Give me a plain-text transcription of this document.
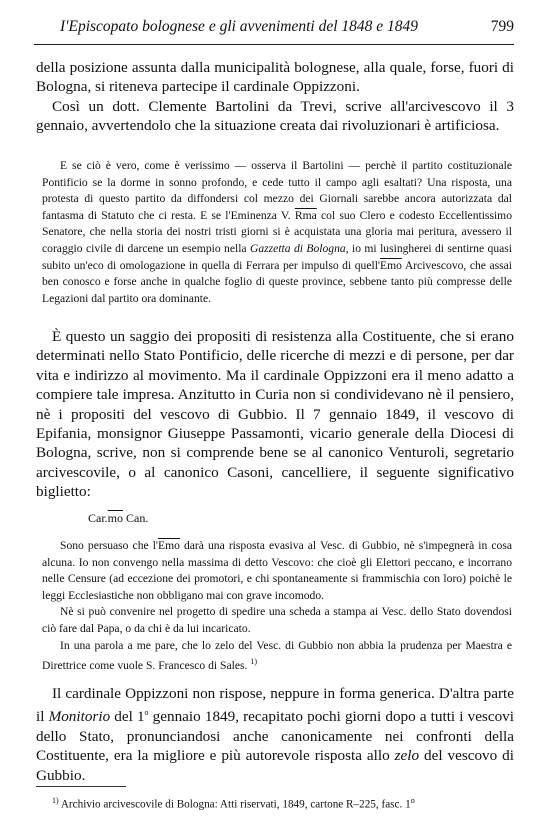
I'Episcopato bolognese e gli avvenimenti del 1848 e 1849	799

della posizione assunta dalla municipalità bolognese, alla quale, forse, fuori di Bologna, si riteneva partecipe il cardinale Oppizzoni.

Così un dott. Clemente Bartolini da Trevi, scrive all'arcivescovo il 3 gennaio, avvertendolo che la situazione creata dai rivoluzionari è artificiosa.

E se ciò è vero, come è verissimo — osserva il Bartolini — perchè il partito costituzionale Pontificio se la dorme in sonno profondo, e cede tutto il campo agli esaltati? Una risposta, una protesta di questo partito da diffondersi col mezzo dei Giornali sarebbe ancora autorizzata dal fantasma di Statuto che ci resta. E se l'Eminenza V. $\overline{Rma}$ col suo Clero e codesto Eccellentissimo Senatore, che nella storia dei nostri tristi giorni si è acquistata una gloria mai peritura, avessero il coraggio civile di darcene un esempio nella Gazzetta di Bologna, io mi lusingherei di sentirne quasi subito un'eco di omologazione in quella di Ferrara per impulso di $quell'\overline{Emo}$ Arcivescovo, che assai ben conosco e forse anche in qualche foglio di queste province, sebbene tanto più compresse delle Legazioni dal partito ora dominante.

È questo un saggio dei propositi di resistenza alla Costituente, che si erano determinati nello Stato Pontificio, delle ricerche di mezzi e di persone, per dar vita e indirizzo al movimento. Ma il cardinale Oppizzoni era il meno adatto a compiere tale impresa. Anzitutto in Curia non si condividevano nè il pensiero, nè i propositi del vescovo di Gubbio. Il 7 gennaio 1849, il vescovo di Epifania, monsignor Giuseppe Passamonti, vicario generale della Diocesi di Bologna, scrive, non si comprende bene se al canonico Venturoli, segretario arcivescovile, o al canonico Casoni, cancelliere, il seguente significativo biglietto:

$Car.\overline{mo}$ Can.

Sono persuaso che $l'\overline{Emo}$ darà una risposta evasiva al Vesc. di Gubbio, nè s'impegnerà in cosa alcuna. Io non convengo nella massima di detto Vescovo: che cioè gli Elettori peccano, e incorrano nelle Censure (ad eccezione dei promotori, e chi spontaneamente si frammischia con loro) poichè le leggi Ecclesiastiche non obbligano mai con grave incomodo.

Nè si può convenire nel progetto di spedire una scheda a stampa ai Vesc. dello Stato dovendosi ciò fare dal Papa, o da chi è da lui incaricato.

In una parola a me pare, che lo zelo del Vesc. di Gubbio non abbia la prudenza per Maestra e Direttrice come vuole S. Francesco di Sales. $^{1)}$

Il cardinale Oppizzoni non rispose, neppure in forma generica. D'altra parte il Monitorio del 1$^o$ gennaio 1849, recapitato pochi giorni dopo a tutti i vescovi dello Stato, pronunciandosi anche canonicamente nei confronti della Costituente, era la migliore e più autorevole risposta allo zelo del vescovo di Gubbio.

$^{1)}$ Archivio arcivescovile di Bologna: Atti riservati, 1849, cartone R–225, fasc. 1$^o$
